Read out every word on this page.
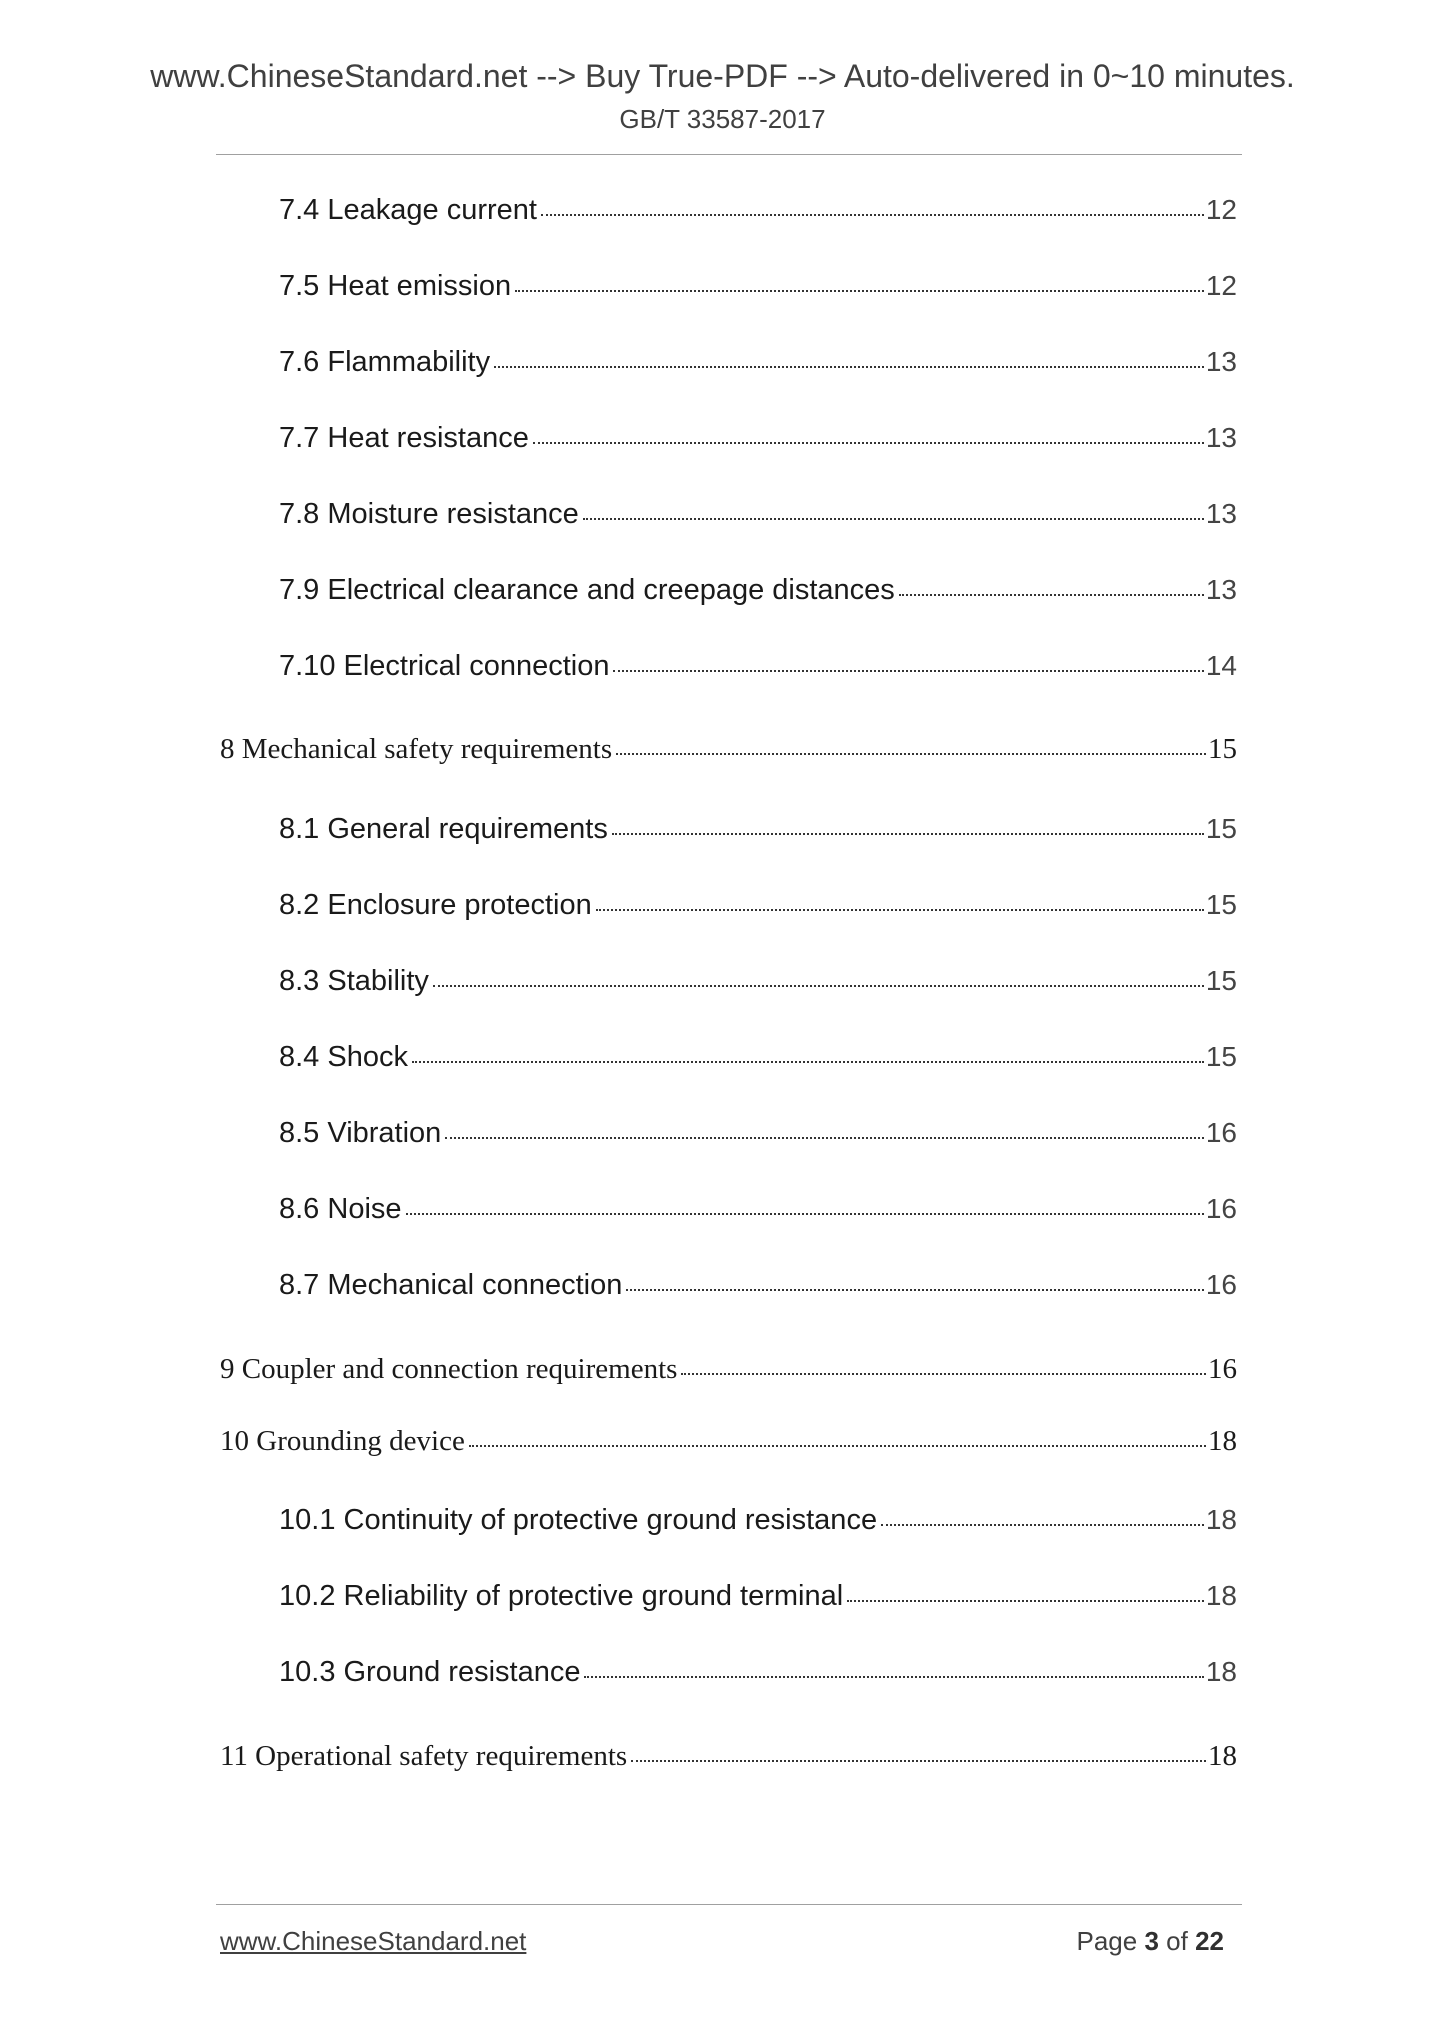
www.ChineseStandard.net --> Buy True-PDF --> Auto-delivered in 0~10 minutes.
GB/T 33587-2017
7.4 Leakage current	12
7.5 Heat emission	12
7.6 Flammability	13
7.7 Heat resistance	13
7.8 Moisture resistance	13
7.9 Electrical clearance and creepage distances	13
7.10 Electrical connection	14
8 Mechanical safety requirements	15
8.1 General requirements	15
8.2 Enclosure protection	15
8.3 Stability	15
8.4 Shock	15
8.5 Vibration	16
8.6 Noise	16
8.7 Mechanical connection	16
9 Coupler and connection requirements	16
10 Grounding device	18
10.1 Continuity of protective ground resistance	18
10.2 Reliability of protective ground terminal	18
10.3 Ground resistance	18
11 Operational safety requirements	18
www.ChineseStandard.net	Page 3 of 22
